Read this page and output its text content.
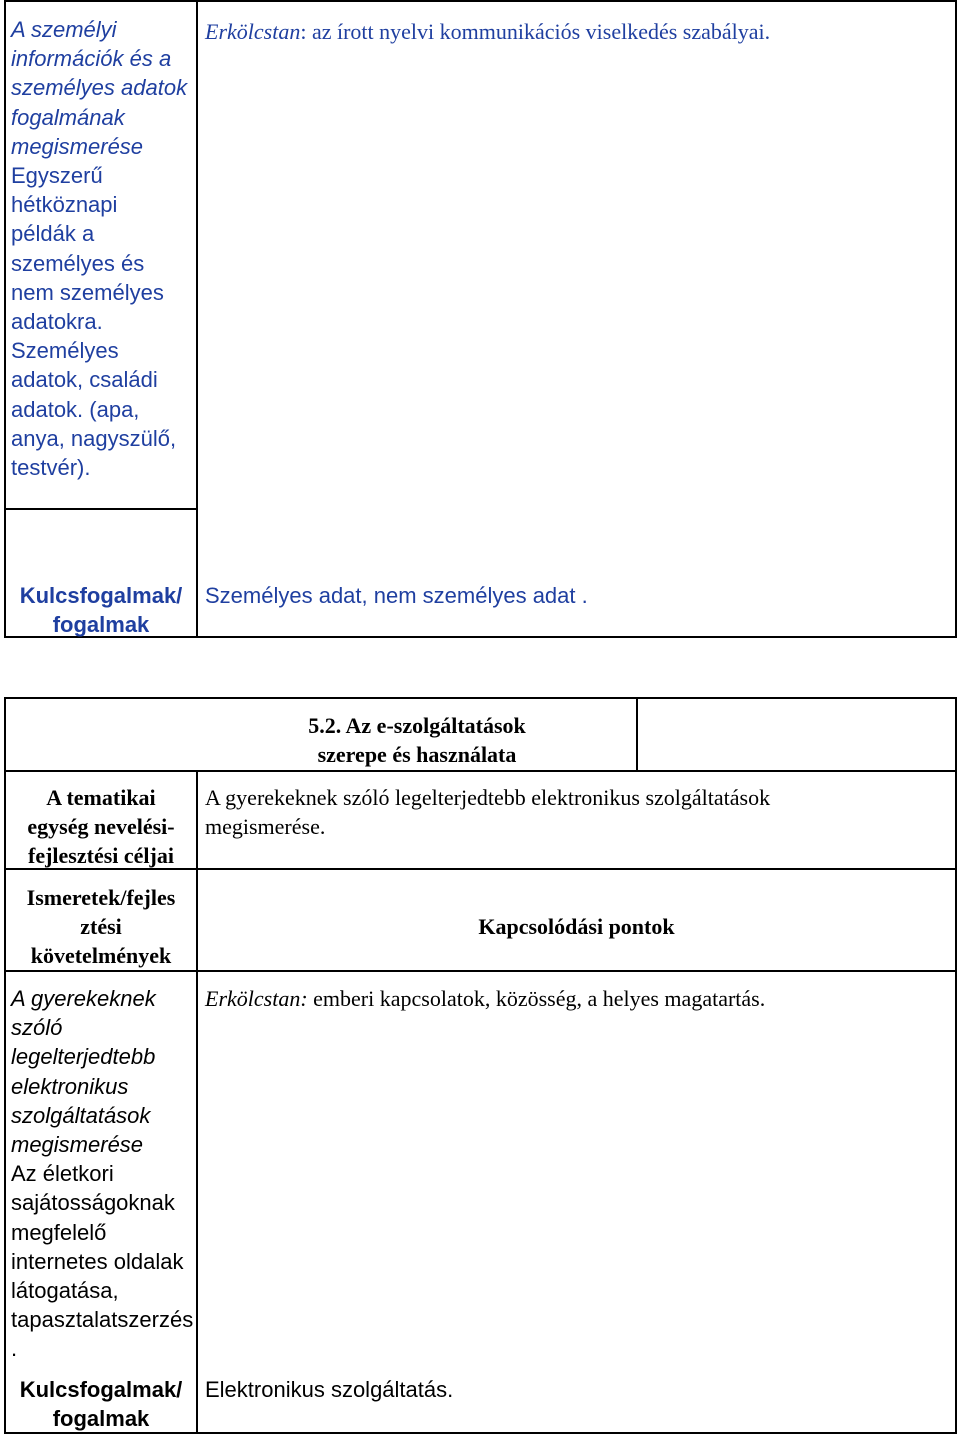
A személyi
információk és a
személyes adatok
fogalmának
megismerése
Egyszerű
hétköznapi
példák a
személyes és
nem személyes
adatokra.
Személyes
adatok, családi
adatok. (apa,
anya, nagyszülő,
testvér).
Erkölcstan: az írott nyelvi kommunikációs viselkedés szabályai.
Kulcsfogalmak/
fogalmak
Személyes adat, nem személyes adat .
5.2. Az e-szolgáltatások
szerepe és használata
A tematikai
egység nevelési-
fejlesztési céljai
A gyerekeknek szóló legelterjedtebb elektronikus szolgáltatások
megismerése.
Ismeretek/fejles
ztési
követelmények
Kapcsolódási pontok
A gyerekeknek
szóló
legelterjedtebb
elektronikus
szolgáltatások
megismerése
Az életkori
sajátosságoknak
megfelelő
internetes oldalak
látogatása,
tapasztalatszerzés
.
Erkölcstan: emberi kapcsolatok, közösség, a helyes magatartás.
Kulcsfogalmak/
fogalmak
Elektronikus szolgáltatás.
